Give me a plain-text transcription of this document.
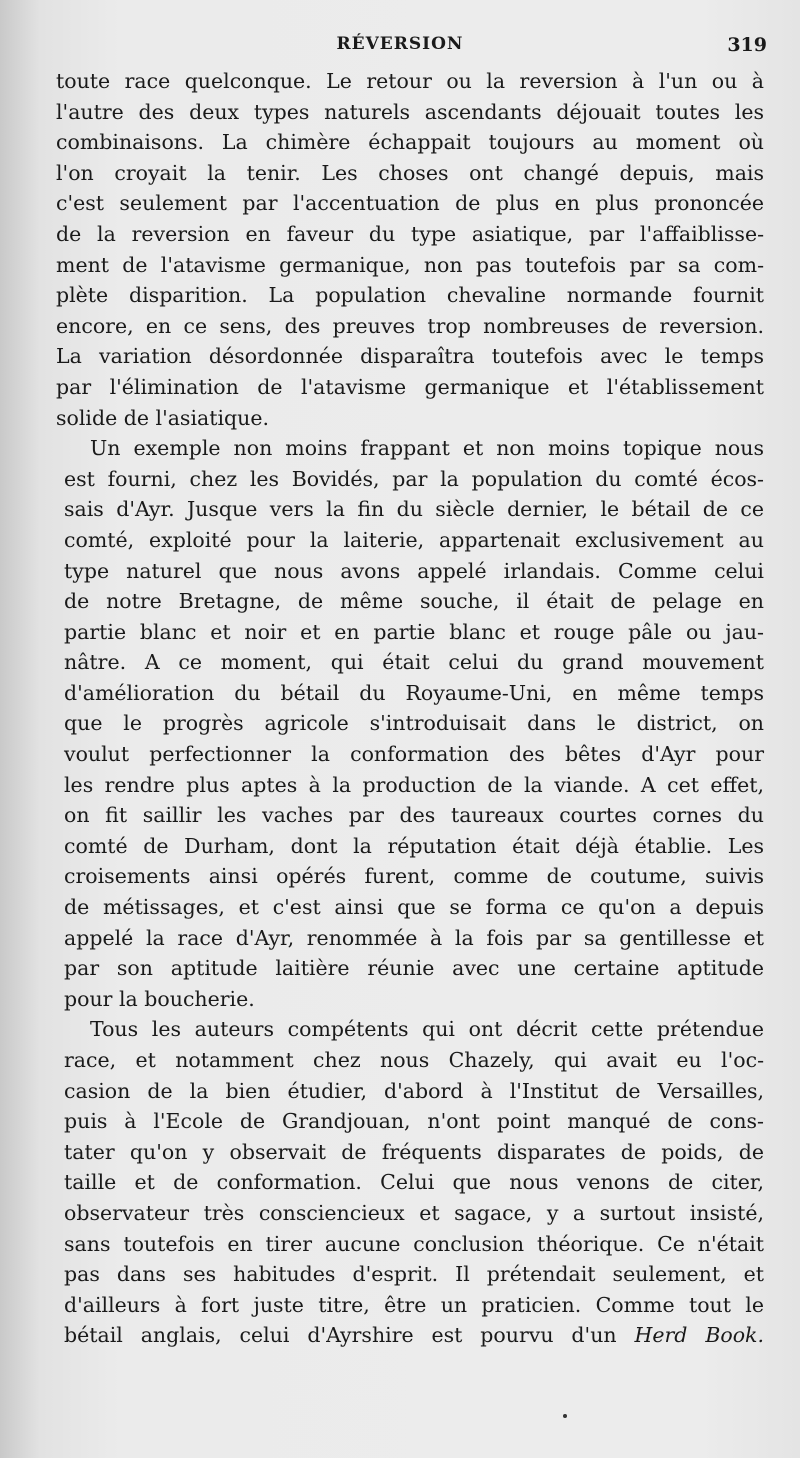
RÉVERSION	319
toute race quelconque. Le retour ou la reversion à l'un ou à
l'autre des deux types naturels ascendants déjouait toutes les
combinaisons. La chimère échappait toujours au moment où
l'on croyait la tenir. Les choses ont changé depuis, mais
c'est seulement par l'accentuation de plus en plus prononcée
de la reversion en faveur du type asiatique, par l'affaiblisse-
ment de l'atavisme germanique, non pas toutefois par sa com-
plète disparition. La population chevaline normande fournit
encore, en ce sens, des preuves trop nombreuses de reversion.
La variation désordonnée disparaîtra toutefois avec le temps
par l'élimination de l'atavisme germanique et l'établissement
solide de l'asiatique.
Un exemple non moins frappant et non moins topique nous
est fourni, chez les Bovidés, par la population du comté écos-
sais d'Ayr. Jusque vers la fin du siècle dernier, le bétail de ce
comté, exploité pour la laiterie, appartenait exclusivement au
type naturel que nous avons appelé irlandais. Comme celui
de notre Bretagne, de même souche, il était de pelage en
partie blanc et noir et en partie blanc et rouge pâle ou jau-
nâtre. A ce moment, qui était celui du grand mouvement
d'amélioration du bétail du Royaume-Uni, en même temps
que le progrès agricole s'introduisait dans le district, on
voulut perfectionner la conformation des bêtes d'Ayr pour
les rendre plus aptes à la production de la viande. A cet effet,
on fit saillir les vaches par des taureaux courtes cornes du
comté de Durham, dont la réputation était déjà établie. Les
croisements ainsi opérés furent, comme de coutume, suivis
de métissages, et c'est ainsi que se forma ce qu'on a depuis
appelé la race d'Ayr, renommée à la fois par sa gentillesse et
par son aptitude laitière réunie avec une certaine aptitude
pour la boucherie.
Tous les auteurs compétents qui ont décrit cette prétendue
race, et notamment chez nous Chazely, qui avait eu l'oc-
casion de la bien étudier, d'abord à l'Institut de Versailles,
puis à l'Ecole de Grandjouan, n'ont point manqué de cons-
tater qu'on y observait de fréquents disparates de poids, de
taille et de conformation. Celui que nous venons de citer,
observateur très consciencieux et sagace, y a surtout insisté,
sans toutefois en tirer aucune conclusion théorique. Ce n'était
pas dans ses habitudes d'esprit. Il prétendait seulement, et
d'ailleurs à fort juste titre, être un praticien. Comme tout le
bétail anglais, celui d'Ayrshire est pourvu d'un Herd Book.
